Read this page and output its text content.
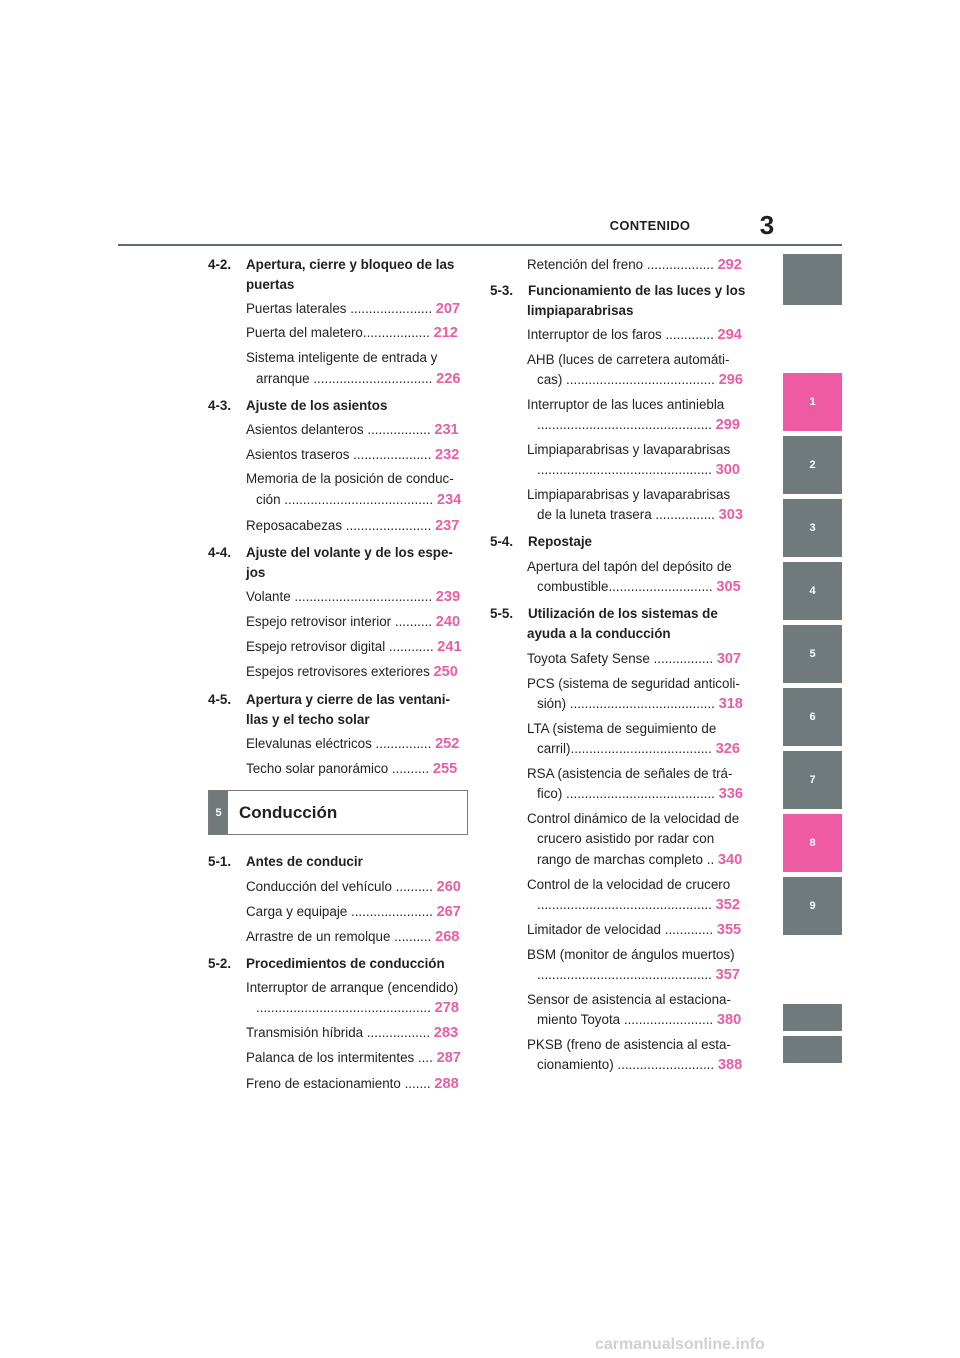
CONTENIDO	3
1
2
3
4
5
6
7
8
9
4-2. Apertura, cierre y bloqueo de las
puertas
Puertas laterales ...................... 207
Puerta del maletero.................. 212
Sistema inteligente de entrada y
arranque ................................ 226
4-3. Ajuste de los asientos
Asientos delanteros ................. 231
Asientos traseros ..................... 232
Memoria de la posición de conduc-
ción ........................................ 234
Reposacabezas ....................... 237
4-4. Ajuste del volante y de los espe-
jos
Volante ..................................... 239
Espejo retrovisor interior .......... 240
Espejo retrovisor digital ............ 241
Espejos retrovisores exteriores 250
4-5. Apertura y cierre de las ventani-
llas y el techo solar
Elevalunas eléctricos ............... 252
Techo solar panorámico .......... 255
5	Conducción
5-1. Antes de conducir
Conducción del vehículo .......... 260
Carga y equipaje ...................... 267
Arrastre de un remolque .......... 268
5-2. Procedimientos de conducción
Interruptor de arranque (encendido)
............................................... 278
Transmisión híbrida ................. 283
Palanca de los intermitentes .... 287
Freno de estacionamiento ....... 288
Retención del freno .................. 292
5-3. Funcionamiento de las luces y los
limpiaparabrisas
Interruptor de los faros ............. 294
AHB (luces de carretera automáti-
cas) ........................................ 296
Interruptor de las luces antiniebla
............................................... 299
Limpiaparabrisas y lavaparabrisas
............................................... 300
Limpiaparabrisas y lavaparabrisas
de la luneta trasera ................ 303
5-4. Repostaje
Apertura del tapón del depósito de
combustible............................ 305
5-5. Utilización de los sistemas de
ayuda a la conducción
Toyota Safety Sense ................ 307
PCS (sistema de seguridad anticoli-
sión) ....................................... 318
LTA (sistema de seguimiento de
carril)...................................... 326
RSA (asistencia de señales de trá-
fico) ........................................ 336
Control dinámico de la velocidad de
crucero asistido por radar con
rango de marchas completo .. 340
Control de la velocidad de crucero
............................................... 352
Limitador de velocidad ............. 355
BSM (monitor de ángulos muertos)
............................................... 357
Sensor de asistencia al estaciona-
miento Toyota ........................ 380
PKSB (freno de asistencia al esta-
cionamiento) .......................... 388
carmanualsonline.info
